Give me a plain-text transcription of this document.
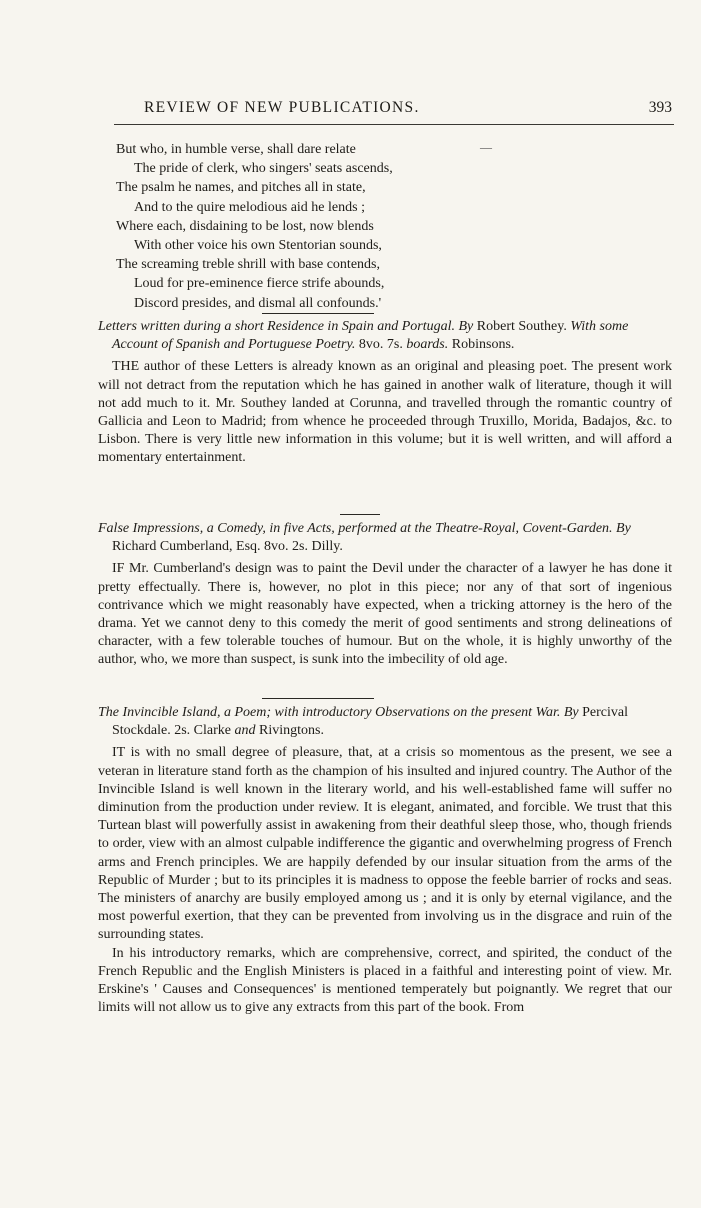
REVIEW OF NEW PUBLICATIONS.	393
But who, in humble verse, shall dare relate
The pride of clerk, who singers' seats ascends,
The psalm he names, and pitches all in state,
And to the quire melodious aid he lends ;
Where each, disdaining to be lost, now blends
With other voice his own Stentorian sounds,
The screaming treble shrill with base contends,
Loud for pre-eminence fierce strife abounds,
Discord presides, and dismal all confounds.'
—

Letters written during a short Residence in Spain and Portugal. By Robert Southey. With some Account of Spanish and Portuguese Poetry. 8vo. 7s. boards. Robinsons.

THE author of these Letters is already known as an original and pleasing poet. The present work will not detract from the reputation which he has gained in another walk of literature, though it will not add much to it. Mr. Southey landed at Corunna, and travelled through the romantic country of Gallicia and Leon to Madrid; from whence he proceeded through Truxillo, Morida, Badajos, &c. to Lisbon. There is very little new information in this volume; but it is well written, and will afford a momentary entertainment.

False Impressions, a Comedy, in five Acts, performed at the Theatre-Royal, Covent-Garden. By Richard Cumberland, Esq. 8vo. 2s. Dilly.

IF Mr. Cumberland's design was to paint the Devil under the character of a lawyer he has done it pretty effectually. There is, however, no plot in this piece; nor any of that sort of ingenious contrivance which we might reasonably have expected, when a tricking attorney is the hero of the drama. Yet we cannot deny to this comedy the merit of good sentiments and strong delineations of character, with a few tolerable touches of humour. But on the whole, it is highly unworthy of the author, who, we more than suspect, is sunk into the imbecility of old age.

The Invincible Island, a Poem; with introductory Observations on the present War. By Percival Stockdale. 2s. Clarke and Rivingtons.

IT is with no small degree of pleasure, that, at a crisis so momentous as the present, we see a veteran in literature stand forth as the champion of his insulted and injured country. The Author of the Invincible Island is well known in the literary world, and his well-established fame will suffer no diminution from the production under review. It is elegant, animated, and forcible. We trust that this Turtean blast will powerfully assist in awakening from their deathful sleep those, who, though friends to order, view with an almost culpable indifference the gigantic and overwhelming progress of French arms and French principles. We are happily defended by our insular situation from the arms of the Republic of Murder ; but to its principles it is madness to oppose the feeble barrier of rocks and seas. The ministers of anarchy are busily employed among us ; and it is only by eternal vigilance, and the most powerful exertion, that they can be prevented from involving us in the disgrace and ruin of the surrounding states.

In his introductory remarks, which are comprehensive, correct, and spirited, the conduct of the French Republic and the English Ministers is placed in a faithful and interesting point of view. Mr. Erskine's ' Causes and Consequences' is mentioned temperately but poignantly. We regret that our limits will not allow us to give any extracts from this part of the book. From
